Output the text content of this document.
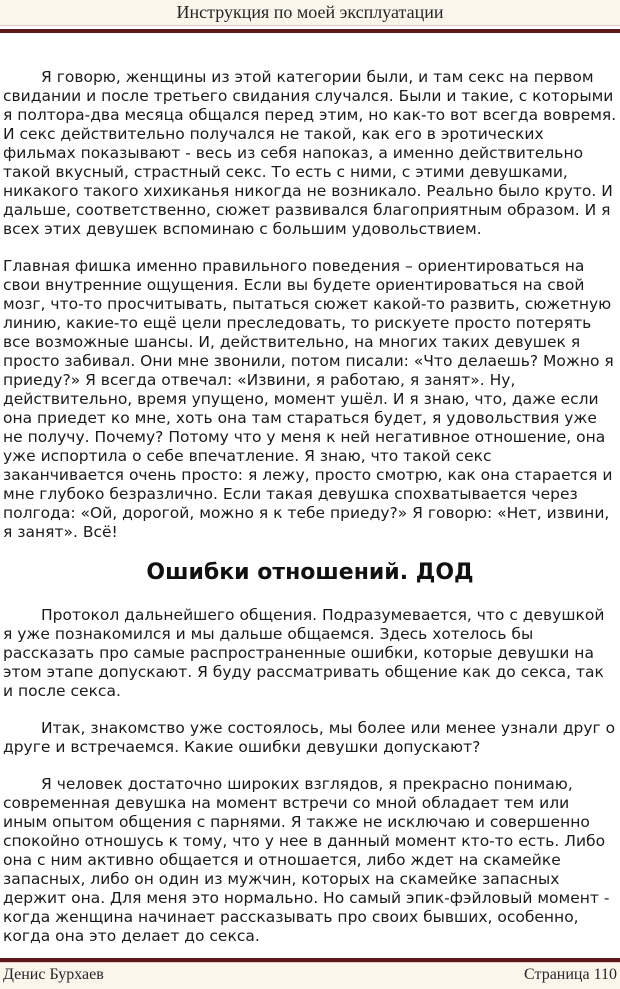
Инструкция по моей эксплуатации

Я говорю, женщины из этой категории были, и там секс на первом свидании и после третьего свидания случался. Были и такие, с которыми я полтора-два месяца общался перед этим, но как-то вот всегда вовремя. И секс действительно получался не такой, как его в эротических фильмах показывают - весь из себя напоказ, а именно действительно такой вкусный, страстный секс. То есть с ними, с этими девушками, никакого такого хихиканья никогда не возникало. Реально было круто. И дальше, соответственно, сюжет развивался благоприятным образом. И я всех этих девушек вспоминаю с большим удовольствием.

Главная фишка именно правильного поведения – ориентироваться на свои внутренние ощущения. Если вы будете ориентироваться на свой мозг, что-то просчитывать, пытаться сюжет какой-то развить, сюжетную линию, какие-то ещё цели преследовать, то рискуете просто потерять все возможные шансы. И, действительно, на многих таких девушек я просто забивал. Они мне звонили, потом писали: «Что делаешь? Можно я приеду?» Я всегда отвечал: «Извини, я работаю, я занят». Ну, действительно, время упущено, момент ушёл. И я знаю, что, даже если она приедет ко мне, хоть она там стараться будет, я удовольствия уже не получу. Почему? Потому что у меня к ней негативное отношение, она уже испортила о себе впечатление. Я знаю, что такой секс заканчивается очень просто: я лежу, просто смотрю, как она старается и мне глубоко безразлично. Если такая девушка спохватывается через полгода: «Ой, дорогой, можно я к тебе приеду?» Я говорю: «Нет, извини, я занят». Всё!

Ошибки отношений. ДОД

Протокол дальнейшего общения. Подразумевается, что с девушкой я уже познакомился и мы дальше общаемся. Здесь хотелось бы рассказать про самые распространенные ошибки, которые девушки на этом этапе допускают. Я буду рассматривать общение как до секса, так и после секса.

Итак, знакомство уже состоялось, мы более или менее узнали друг о друге и встречаемся. Какие ошибки девушки допускают?

Я человек достаточно широких взглядов, я прекрасно понимаю, современная девушка на момент встречи со мной обладает тем или иным опытом общения с парнями. Я также не исключаю и совершенно спокойно отношусь к тому, что у нее в данный момент кто-то есть. Либо она с ним активно общается и отношается, либо ждет на скамейке запасных, либо он один из мужчин, которых на скамейке запасных держит она. Для меня это нормально. Но самый эпик-фэйловый момент - когда женщина начинает рассказывать про своих бывших, особенно, когда она это делает до секса.

Денис Бурхаев	Страница 110
